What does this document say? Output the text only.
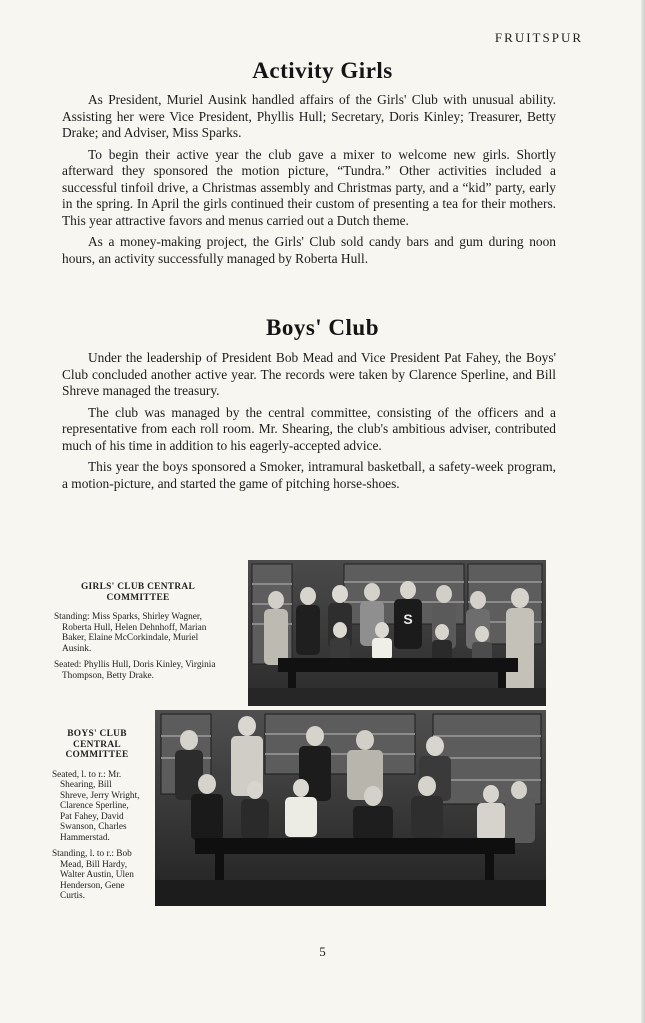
FRUITSPUR
Activity Girls

As President, Muriel Ausink handled affairs of the Girls' Club with unusual ability. Assisting her were Vice President, Phyllis Hull; Secretary, Doris Kinley; Treasurer, Betty Drake; and Adviser, Miss Sparks.

To begin their active year the club gave a mixer to welcome new girls. Shortly afterward they sponsored the motion picture, “Tundra.” Other activities included a successful tinfoil drive, a Christmas assembly and Christmas party, and a “kid” party, early in the spring. In April the girls continued their custom of presenting a tea for their mothers. This year attractive favors and menus carried out a Dutch theme.

As a money-making project, the Girls' Club sold candy bars and gum during noon hours, an activity successfully managed by Roberta Hull.

Boys' Club

Under the leadership of President Bob Mead and Vice President Pat Fahey, the Boys' Club concluded another active year. The records were taken by Clarence Sperline, and Bill Shreve managed the treasury.

The club was managed by the central committee, consisting of the officers and a representative from each roll room. Mr. Shearing, the club's ambitious adviser, contributed much of his time in addition to his eagerly-accepted advice.

This year the boys sponsored a Smoker, intramural basketball, a safety-week program, a motion-picture, and started the game of pitching horse-shoes.

S
GIRLS' CLUB CENTRAL COMMITTEE
Standing: Miss Sparks, Shirley Wagner, Roberta Hull, Helen Dehnhoff, Marian Baker, Elaine McCorkindale, Muriel Ausink.
Seated: Phyllis Hull, Doris Kinley, Virginia Thompson, Betty Drake.
BOYS' CLUB CENTRAL COMMITTEE
Seated, l. to r.: Mr. Shearing, Bill Shreve, Jerry Wright, Clarence Sperline, Pat Fahey, David Swanson, Charles Hammerstad.
Standing, l. to r.: Bob Mead, Bill Hardy, Walter Austin, Ulen Henderson, Gene Curtis.
5
